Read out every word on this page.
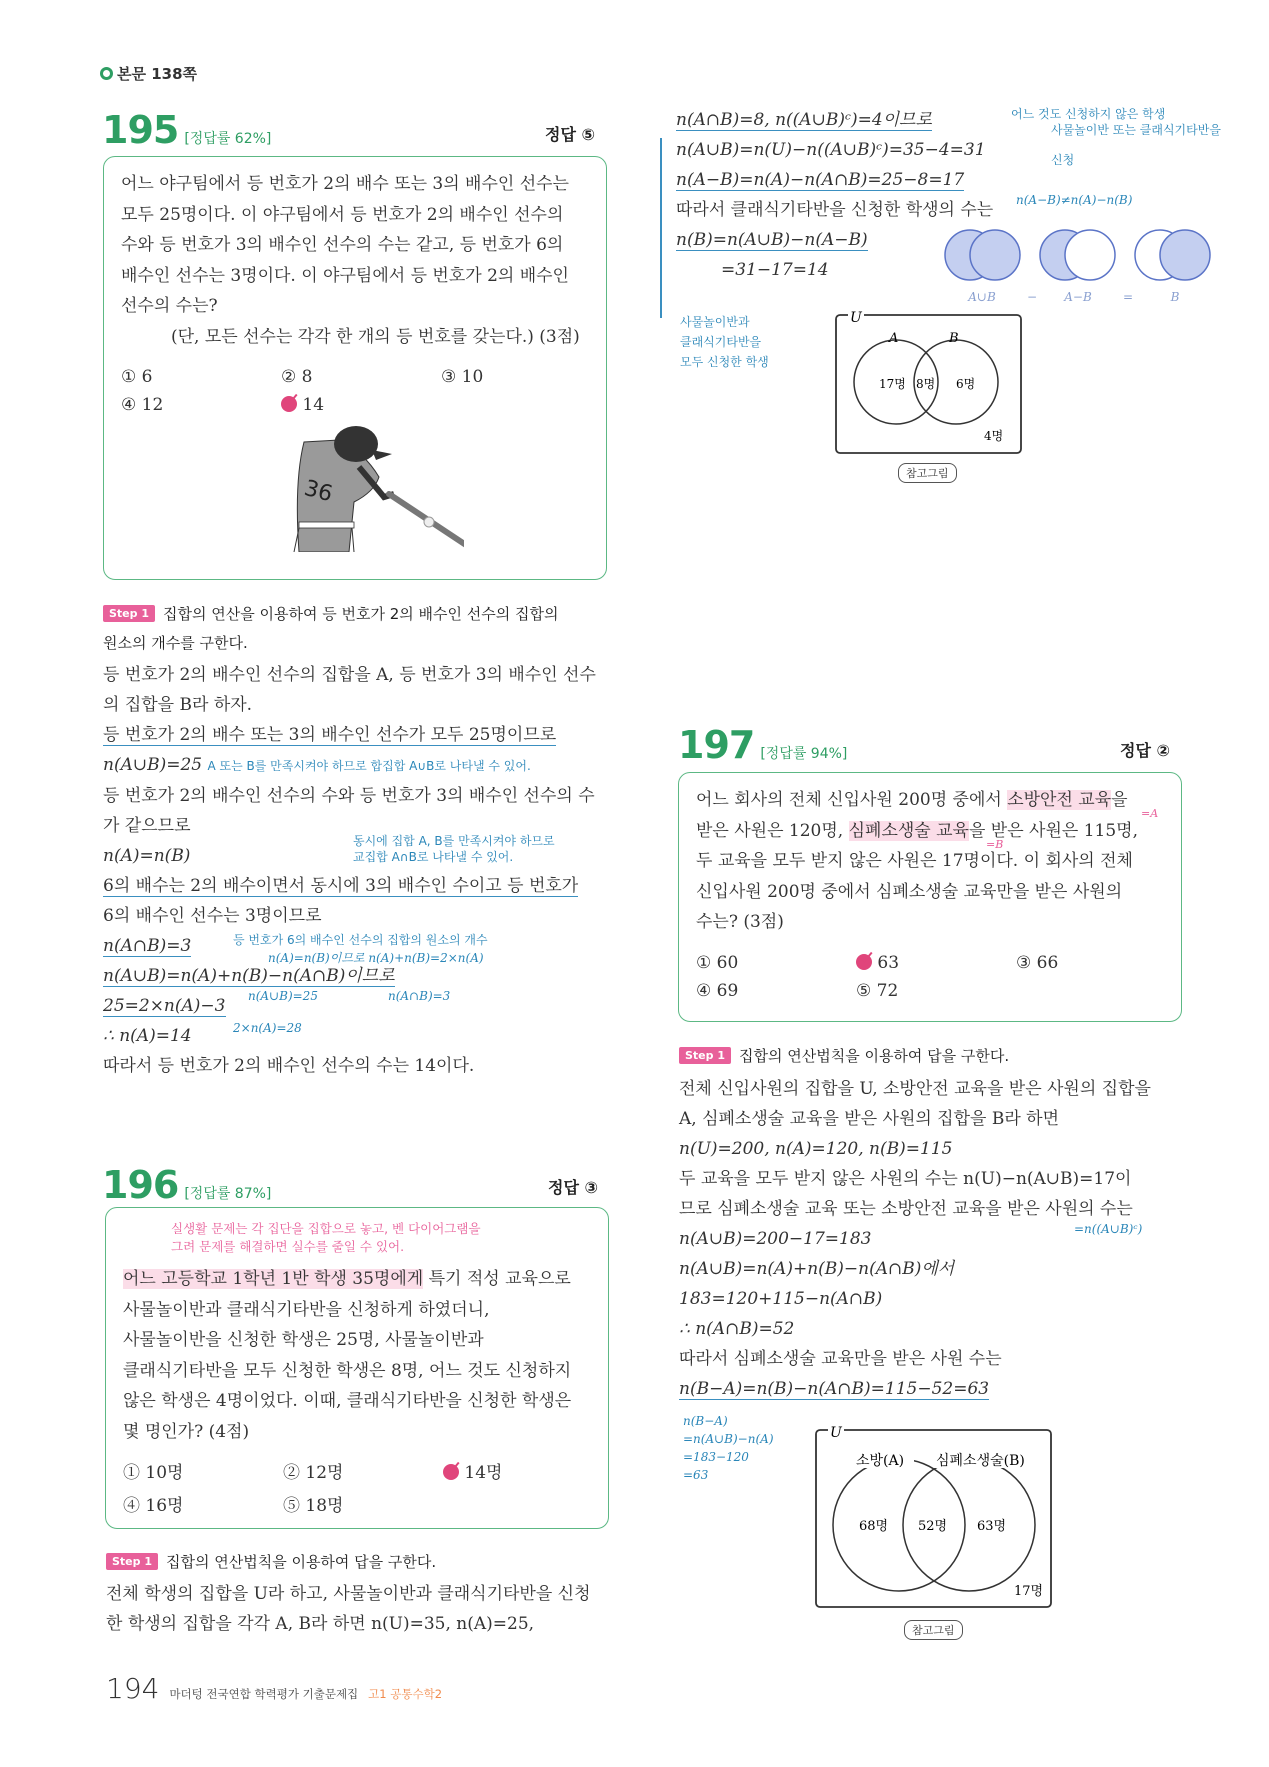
본문 138쪽
195 [정답률 62%]	정답 ⑤
어느 야구팀에서 등 번호가 2의 배수 또는 3의 배수인 선수는
모두 25명이다. 이 야구팀에서 등 번호가 2의 배수인 선수의
수와 등 번호가 3의 배수인 선수의 수는 같고, 등 번호가 6의
배수인 선수는 3명이다. 이 야구팀에서 등 번호가 2의 배수인
선수의 수는?
(단, 모든 선수는 각각 한 개의 등 번호를 갖는다.) (3점)
① 6	② 8	③ 10
④ 12	14
36
Step 1 집합의 연산을 이용하여 등 번호가 2의 배수인 선수의 집합의
원소의 개수를 구한다.
등 번호가 2의 배수인 선수의 집합을 A, 등 번호가 3의 배수인 선수
의 집합을 B라 하자.
등 번호가 2의 배수 또는 3의 배수인 선수가 모두 25명이므로
n(A∪B)=25 A 또는 B를 만족시켜야 하므로 합집합 A∪B로 나타낼 수 있어.
등 번호가 2의 배수인 선수의 수와 등 번호가 3의 배수인 선수의 수
가 같으므로
n(A)=n(B)
동시에 집합 A, B를 만족시켜야 하므로
교집합 A∩B로 나타낼 수 있어.
6의 배수는 2의 배수이면서 동시에 3의 배수인 수이고 등 번호가
6의 배수인 선수는 3명이므로
n(A∩B)=3	등 번호가 6의 배수인 선수의 집합의 원소의 개수
n(A)=n(B)이므로 n(A)+n(B)=2×n(A)
n(A∪B)=n(A)+n(B)−n(A∩B)이므로
n(A∪B)=25	n(A∩B)=3
25=2×n(A)−3
2×n(A)=28
∴ n(A)=14
따라서 등 번호가 2의 배수인 선수의 수는 14이다.
196 [정답률 87%]	정답 ③
실생활 문제는 각 집단을 집합으로 놓고, 벤 다이어그램을
그려 문제를 해결하면 실수를 줄일 수 있어.
어느 고등학교 1학년 1반 학생 35명에게 특기 적성 교육으로
사물놀이반과 클래식기타반을 신청하게 하였더니,
사물놀이반을 신청한 학생은 25명, 사물놀이반과
클래식기타반을 모두 신청한 학생은 8명, 어느 것도 신청하지
않은 학생은 4명이었다. 이때, 클래식기타반을 신청한 학생은
몇 명인가? (4점)
① 10명	② 12명	14명
④ 16명	⑤ 18명
Step 1 집합의 연산법칙을 이용하여 답을 구한다.
전체 학생의 집합을 U라 하고, 사물놀이반과 클래식기타반을 신청
한 학생의 집합을 각각 A, B라 하면 n(U)=35, n(A)=25,
n(A∩B)=8, n((A∪B)ᶜ)=4이므로	어느 것도 신청하지 않은 학생
사물놀이반 또는 클래식기타반을 신청
n(A∪B)=n(U)−n((A∪B)ᶜ)=35−4=31
n(A−B)=n(A)−n(A∩B)=25−8=17
n(A−B)≠n(A)−n(B)
따라서 클래식기타반을 신청한 학생의 수는
n(B)=n(A∪B)−n(A−B)
=31−17=14
사물놀이반과
클래식기타반을
모두 신청한 학생
A∪B	− A−B	=	B
U
A	B
17명 8명 6명
4명
참고그림
197 [정답률 94%]	정답 ②
어느 회사의 전체 신입사원 200명 중에서 소방안전 교육을
=A
받은 사원은 120명, 심폐소생술 교육을 받은 사원은 115명,
=B
두 교육을 모두 받지 않은 사원은 17명이다. 이 회사의 전체
신입사원 200명 중에서 심폐소생술 교육만을 받은 사원의
수는? (3점)
① 60	63	③ 66
④ 69	⑤ 72
Step 1 집합의 연산법칙을 이용하여 답을 구한다.
전체 신입사원의 집합을 U, 소방안전 교육을 받은 사원의 집합을
A, 심폐소생술 교육을 받은 사원의 집합을 B라 하면
n(U)=200, n(A)=120, n(B)=115
두 교육을 모두 받지 않은 사원의 수는 n(U)−n(A∪B)=17이
므로 심폐소생술 교육 또는 소방안전 교육을 받은 사원의 수는
=n((A∪B)ᶜ)
n(A∪B)=200−17=183
n(A∪B)=n(A)+n(B)−n(A∩B)에서
183=120+115−n(A∩B)
∴ n(A∩B)=52
따라서 심폐소생술 교육만을 받은 사원 수는
n(B−A)=n(B)−n(A∩B)=115−52=63
n(B−A)
=n(A∪B)−n(A)
=183−120
=63
U
소방(A) 심폐소생술(B)
68명 52명 63명
17명
참고그림
194 마더텅 전국연합 학력평가 기출문제집 고1 공통수학2
